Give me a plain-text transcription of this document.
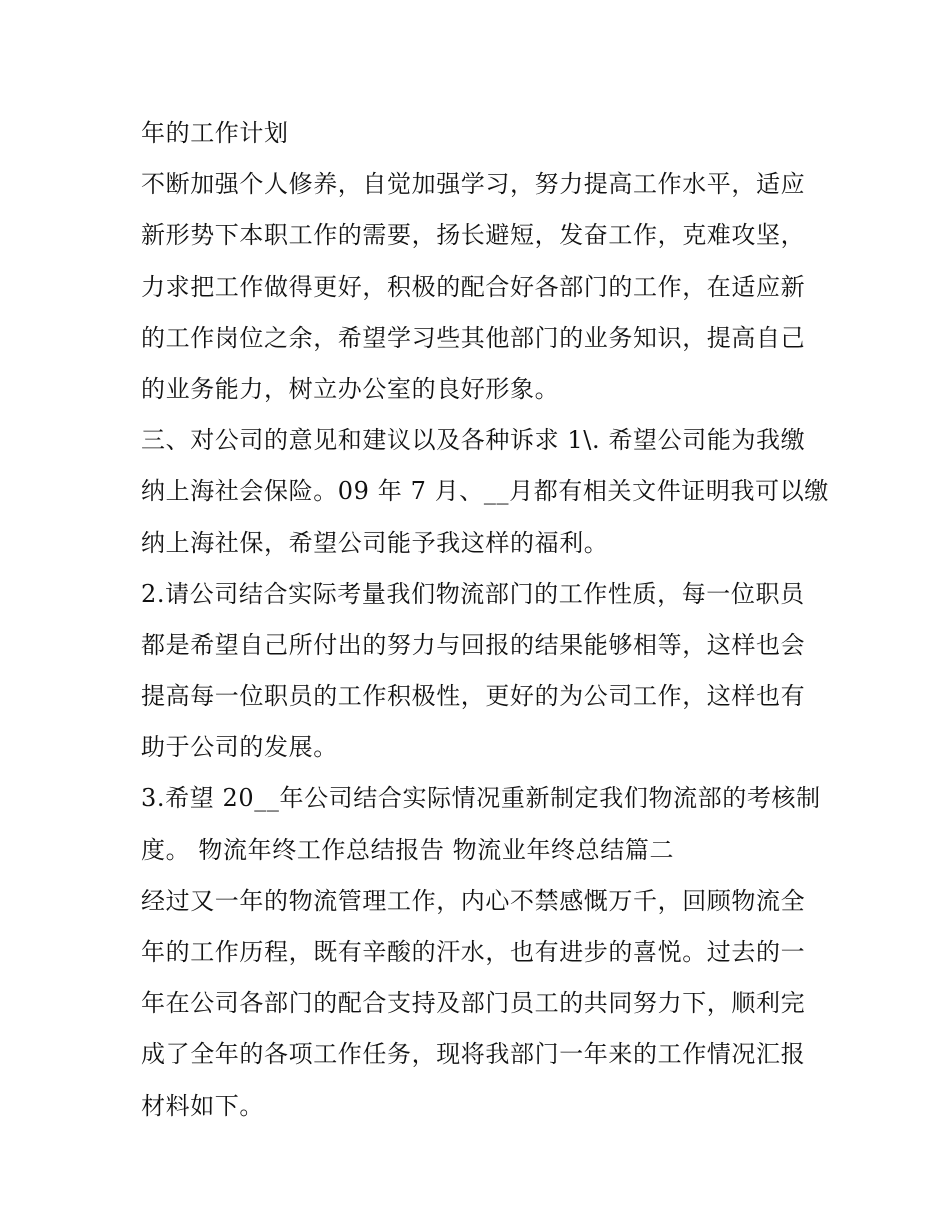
年的工作计划
不断加强个人修养，自觉加强学习，努力提高工作水平，适应
新形势下本职工作的需要，扬长避短，发奋工作，克难攻坚，
力求把工作做得更好，积极的配合好各部门的工作，在适应新
的工作岗位之余，希望学习些其他部门的业务知识，提高自己
的业务能力，树立办公室的良好形象。
三、对公司的意见和建议以及各种诉求 1\. 希望公司能为我缴
纳上海社会保险。09 年 7 月、__月都有相关文件证明我可以缴
纳上海社保，希望公司能予我这样的福利。
2.请公司结合实际考量我们物流部门的工作性质，每一位职员
都是希望自己所付出的努力与回报的结果能够相等，这样也会
提高每一位职员的工作积极性，更好的为公司工作，这样也有
助于公司的发展。
3.希望 20__年公司结合实际情况重新制定我们物流部的考核制
度。 物流年终工作总结报告 物流业年终总结篇二
经过又一年的物流管理工作，内心不禁感慨万千，回顾物流全
年的工作历程，既有辛酸的汗水，也有进步的喜悦。过去的一
年在公司各部门的配合支持及部门员工的共同努力下，顺利完
成了全年的各项工作任务，现将我部门一年来的工作情况汇报
材料如下。
